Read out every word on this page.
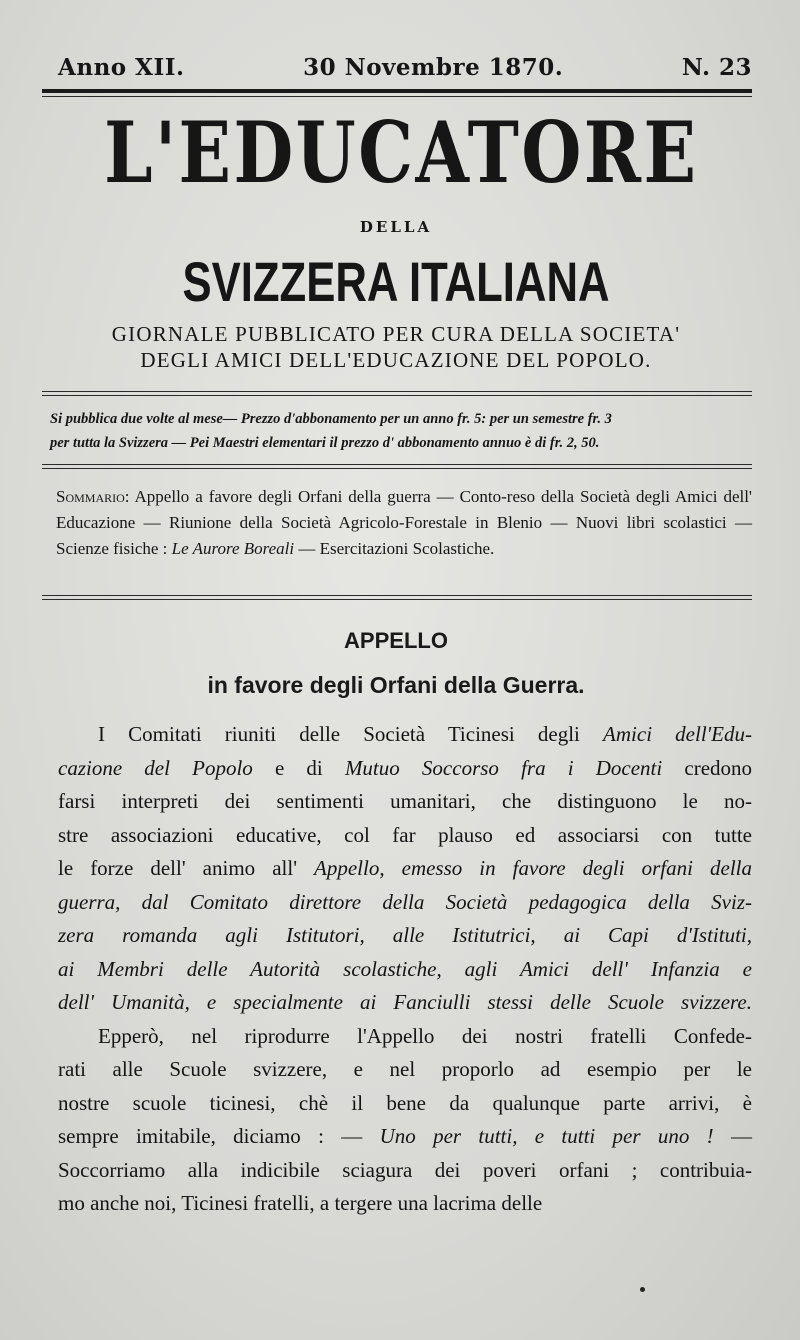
Anno XII.	30 Novembre 1870.	N. 23
L'EDUCATORE
DELLA
SVIZZERA ITALIANA
GIORNALE PUBBLICATO PER CURA DELLA SOCIETA'
DEGLI AMICI DELL'EDUCAZIONE DEL POPOLO.
Si pubblica due volte al mese— Prezzo d'abbonamento per un anno fr. 5: per un semestre fr. 3
per tutta la Svizzera — Pei Maestri elementari il prezzo d' abbonamento annuo è di fr. 2, 50.
Sommario: Appello a favore degli Orfani della guerra — Conto-reso della Società degli Amici dell' Educazione — Riunione della Società Agricolo-Forestale in Blenio — Nuovi libri scolastici — Scienze fisiche : Le Aurore Boreali — Esercitazioni Scolastiche.
APPELLO
in favore degli Orfani della Guerra.
I Comitati riuniti delle Società Ticinesi degli Amici dell'Edu-
cazione del Popolo e di Mutuo Soccorso fra i Docenti credono
farsi interpreti dei sentimenti umanitari, che distinguono le no-
stre associazioni educative, col far plauso ed associarsi con tutte
le forze dell' animo all' Appello, emesso in favore degli orfani della
guerra, dal Comitato direttore della Società pedagogica della Sviz-
zera romanda agli Istitutori, alle Istitutrici, ai Capi d'Istituti,
ai Membri delle Autorità scolastiche, agli Amici dell' Infanzia e
dell' Umanità, e specialmente ai Fanciulli stessi delle Scuole svizzere.
Epperò, nel riprodurre l'Appello dei nostri fratelli Confede-
rati alle Scuole svizzere, e nel proporlo ad esempio per le
nostre scuole ticinesi, chè il bene da qualunque parte arrivi, è
sempre imitabile, diciamo : — Uno per tutti, e tutti per uno ! —
Soccorriamo alla indicibile sciagura dei poveri orfani ; contribuia-
mo anche noi, Ticinesi fratelli, a tergere una lacrima delle
